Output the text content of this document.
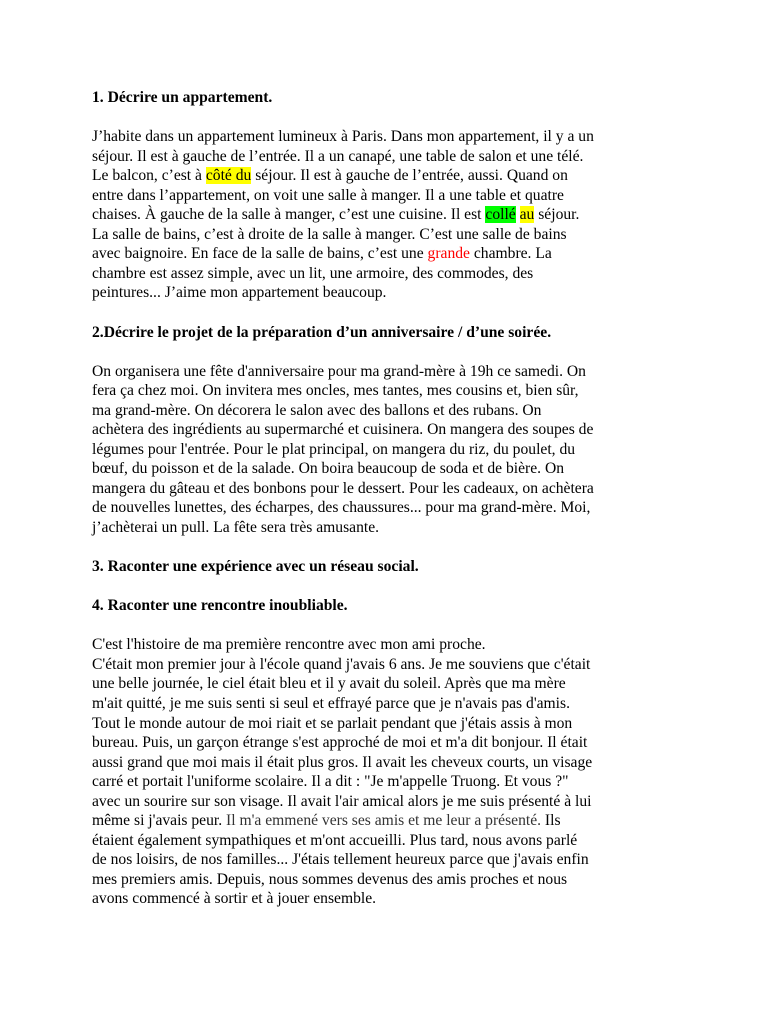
1. Décrire un appartement.

J’habite dans un appartement lumineux à Paris. Dans mon appartement, il y a un
séjour. Il est à gauche de l’entrée. Il a un canapé, une table de salon et une télé.
Le balcon, c’est à côté du séjour. Il est à gauche de l’entrée, aussi. Quand on
entre dans l’appartement, on voit une salle à manger. Il a une table et quatre
chaises. À gauche de la salle à manger, c’est une cuisine. Il est collé au séjour.
La salle de bains, c’est à droite de la salle à manger. C’est une salle de bains
avec baignoire. En face de la salle de bains, c’est une grande chambre. La
chambre est assez simple, avec un lit, une armoire, des commodes, des
peintures... J’aime mon appartement beaucoup.

2.Décrire le projet de la préparation d’un anniversaire / d’une soirée.

On organisera une fête d'anniversaire pour ma grand-mère à 19h ce samedi. On
fera ça chez moi. On invitera mes oncles, mes tantes, mes cousins et, bien sûr,
ma grand-mère. On décorera le salon avec des ballons et des rubans. On
achètera des ingrédients au supermarché et cuisinera. On mangera des soupes de
légumes pour l'entrée. Pour le plat principal, on mangera du riz, du poulet, du
bœuf, du poisson et de la salade. On boira beaucoup de soda et de bière. On
mangera du gâteau et des bonbons pour le dessert. Pour les cadeaux, on achètera
de nouvelles lunettes, des écharpes, des chaussures... pour ma grand-mère. Moi,
j’achèterai un pull. La fête sera très amusante.

3. Raconter une expérience avec un réseau social.

4. Raconter une rencontre inoubliable.

C'est l'histoire de ma première rencontre avec mon ami proche.
C'était mon premier jour à l'école quand j'avais 6 ans. Je me souviens que c'était
une belle journée, le ciel était bleu et il y avait du soleil. Après que ma mère
m'ait quitté, je me suis senti si seul et effrayé parce que je n'avais pas d'amis.
Tout le monde autour de moi riait et se parlait pendant que j'étais assis à mon
bureau. Puis, un garçon étrange s'est approché de moi et m'a dit bonjour. Il était
aussi grand que moi mais il était plus gros. Il avait les cheveux courts, un visage
carré et portait l'uniforme scolaire. Il a dit : "Je m'appelle Truong. Et vous ?"
avec un sourire sur son visage. Il avait l'air amical alors je me suis présenté à lui
même si j'avais peur. Il m'a emmené vers ses amis et me leur a présenté. Ils
étaient également sympathiques et m'ont accueilli. Plus tard, nous avons parlé
de nos loisirs, de nos familles... J'étais tellement heureux parce que j'avais enfin
mes premiers amis. Depuis, nous sommes devenus des amis proches et nous
avons commencé à sortir et à jouer ensemble.
